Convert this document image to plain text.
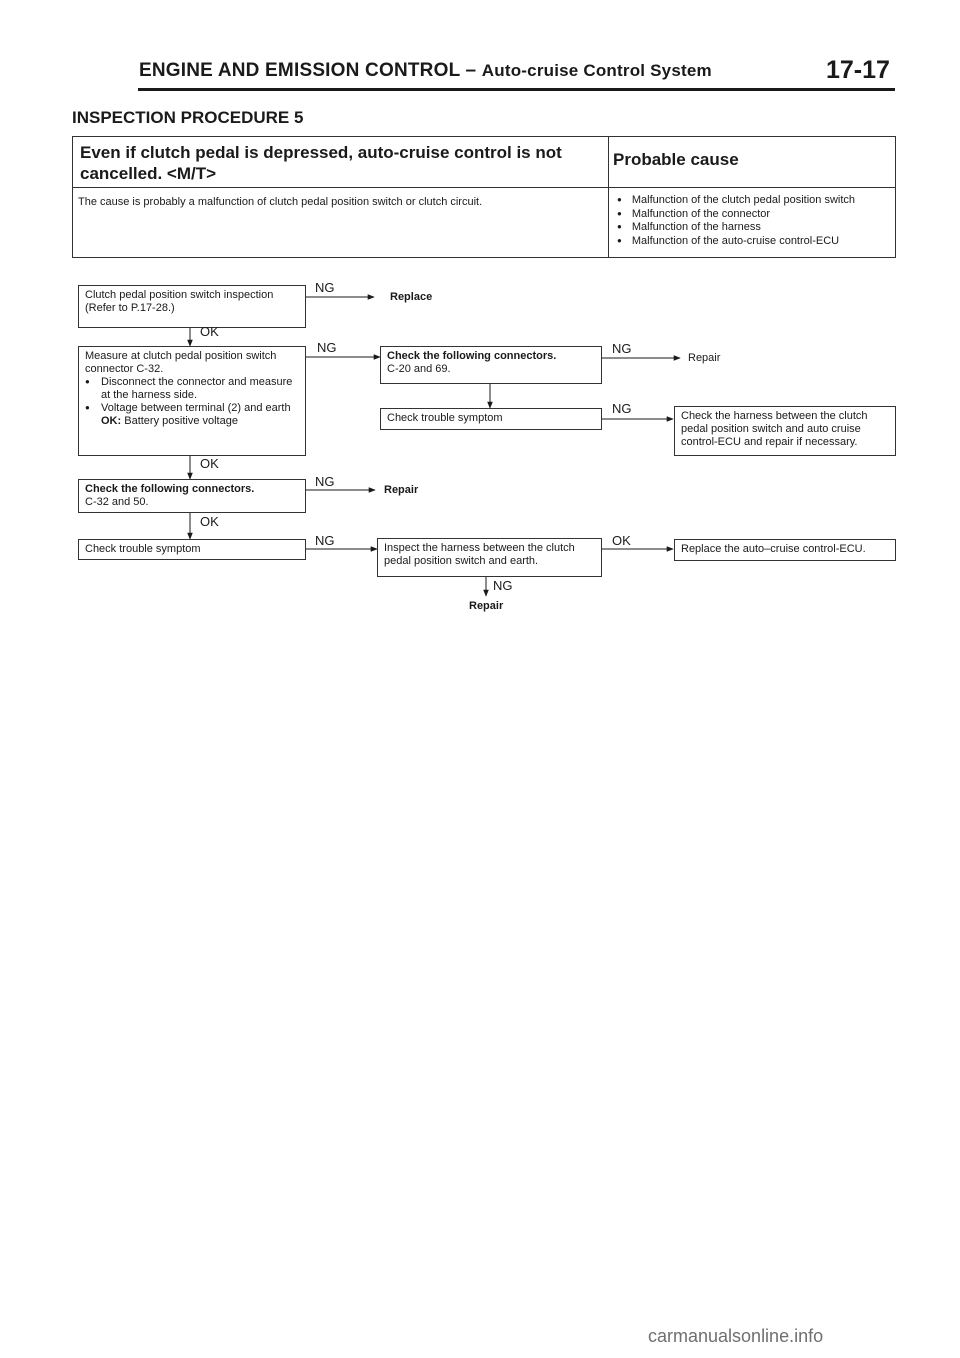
ENGINE AND EMISSION CONTROL – Auto-cruise Control System	17-17
INSPECTION PROCEDURE 5
Even if clutch pedal is depressed, auto-cruise control is not cancelled. <M/T>
Probable cause
The cause is probably a malfunction of clutch pedal position switch or clutch circuit.
●	Malfunction of the clutch pedal position switch
● Malfunction of the connector
● Malfunction of the harness
● Malfunction of the auto-cruise control-ECU
Clutch pedal position switch inspection
(Refer to P.17-28.)
Measure at clutch pedal position switch
connector C-32.
● Disconnect the connector and measure at the harness side.
● Voltage between terminal (2) and earth
OK: Battery positive voltage
Check the following connectors.
C-32 and 50.
Check trouble symptom
Check the following connectors.
C-20 and 69.
Check trouble symptom
Inspect the harness between the clutch pedal position switch and earth.
Check the harness between the clutch pedal position switch and auto cruise control-ECU and repair if necessary.
Replace the auto–cruise control-ECU.
NG
OK
NG	NG
NG
OK
NG
OK
NG	OK
NG
Replace
Repair
Repair
Repair
carmanualsonline.info
